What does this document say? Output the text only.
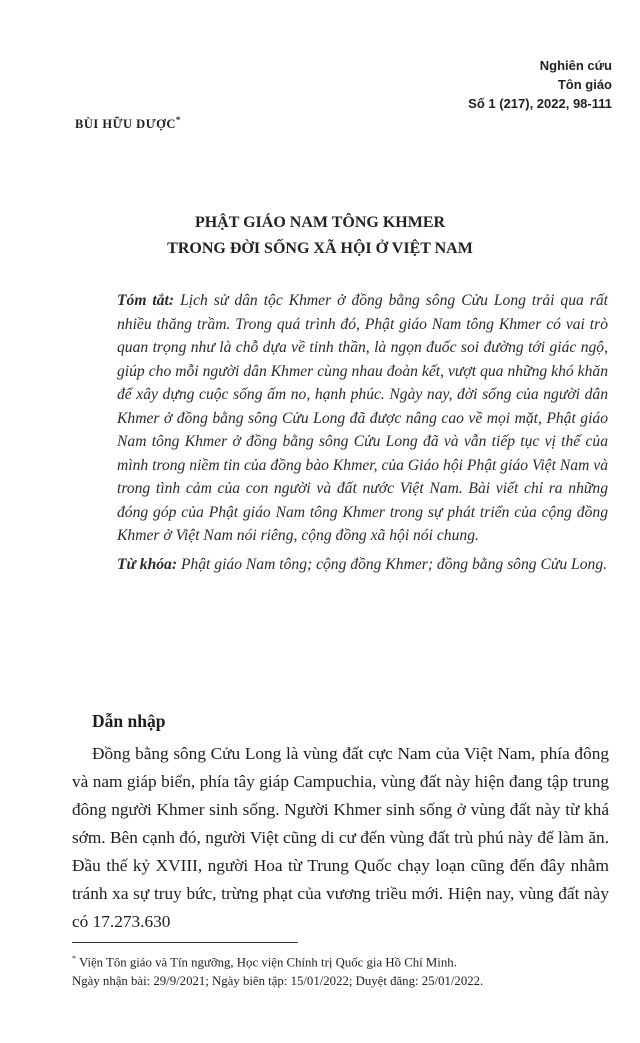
Nghiên cứu
Tôn giáo
Số 1 (217), 2022, 98-111
BÙI HỮU DƯỢC*
PHẬT GIÁO NAM TÔNG KHMER
TRONG ĐỜI SỐNG XÃ HỘI Ở VIỆT NAM

Tóm tắt: Lịch sử dân tộc Khmer ở đồng bằng sông Cửu Long trải qua rất nhiều thăng trầm. Trong quá trình đó, Phật giáo Nam tông Khmer có vai trò quan trọng như là chỗ dựa về tinh thần, là ngọn đuốc soi đường tới giác ngộ, giúp cho mỗi người dân Khmer cùng nhau đoàn kết, vượt qua những khó khăn để xây dựng cuộc sống ấm no, hạnh phúc. Ngày nay, đời sống của người dân Khmer ở đồng bằng sông Cửu Long đã được nâng cao về mọi mặt, Phật giáo Nam tông Khmer ở đồng bằng sông Cửu Long đã và vẫn tiếp tục vị thế của mình trong niềm tin của đồng bào Khmer, của Giáo hội Phật giáo Việt Nam và trong tình cảm của con người và đất nước Việt Nam. Bài viết chỉ ra những đóng góp của Phật giáo Nam tông Khmer trong sự phát triển của cộng đồng Khmer ở Việt Nam nói riêng, cộng đồng xã hội nói chung.

Từ khóa: Phật giáo Nam tông; cộng đồng Khmer; đồng bằng sông Cửu Long.

Dẫn nhập

Đồng bằng sông Cửu Long là vùng đất cực Nam của Việt Nam, phía đông và nam giáp biển, phía tây giáp Campuchia, vùng đất này hiện đang tập trung đông người Khmer sinh sống. Người Khmer sinh sống ở vùng đất này từ khá sớm. Bên cạnh đó, người Việt cũng di cư đến vùng đất trù phú này để làm ăn. Đầu thế kỷ XVIII, người Hoa từ Trung Quốc chạy loạn cũng đến đây nhằm tránh xa sự truy bức, trừng phạt của vương triều mới. Hiện nay, vùng đất này có 17.273.630

* Viện Tôn giáo và Tín ngưỡng, Học viện Chính trị Quốc gia Hồ Chí Minh.
Ngày nhận bài: 29/9/2021; Ngày biên tập: 15/01/2022; Duyệt đăng: 25/01/2022.
